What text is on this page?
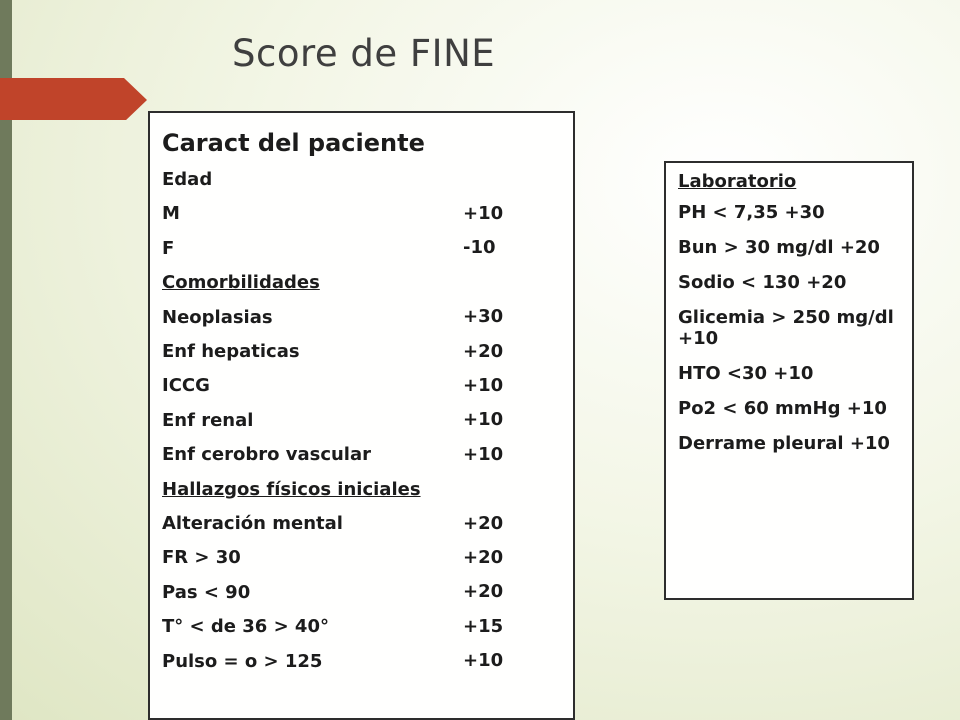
Score de FINE
Caract del paciente
Edad
M
F
Comorbilidades
Neoplasias
Enf hepaticas
ICCG
Enf renal
Enf cerobro vascular
Hallazgos físicos iniciales
Alteración mental
FR > 30
Pas < 90
T° < de 36 > 40°
Pulso = o > 125
+10
-10
+30
+20
+10
+10
+10
+20
+20
+20
+15
+10
Laboratorio
PH < 7,35 +30
Bun > 30 mg/dl +20
Sodio < 130 +20
Glicemia > 250 mg/dl +10
HTO <30 +10
Po2 < 60 mmHg +10
Derrame pleural +10
